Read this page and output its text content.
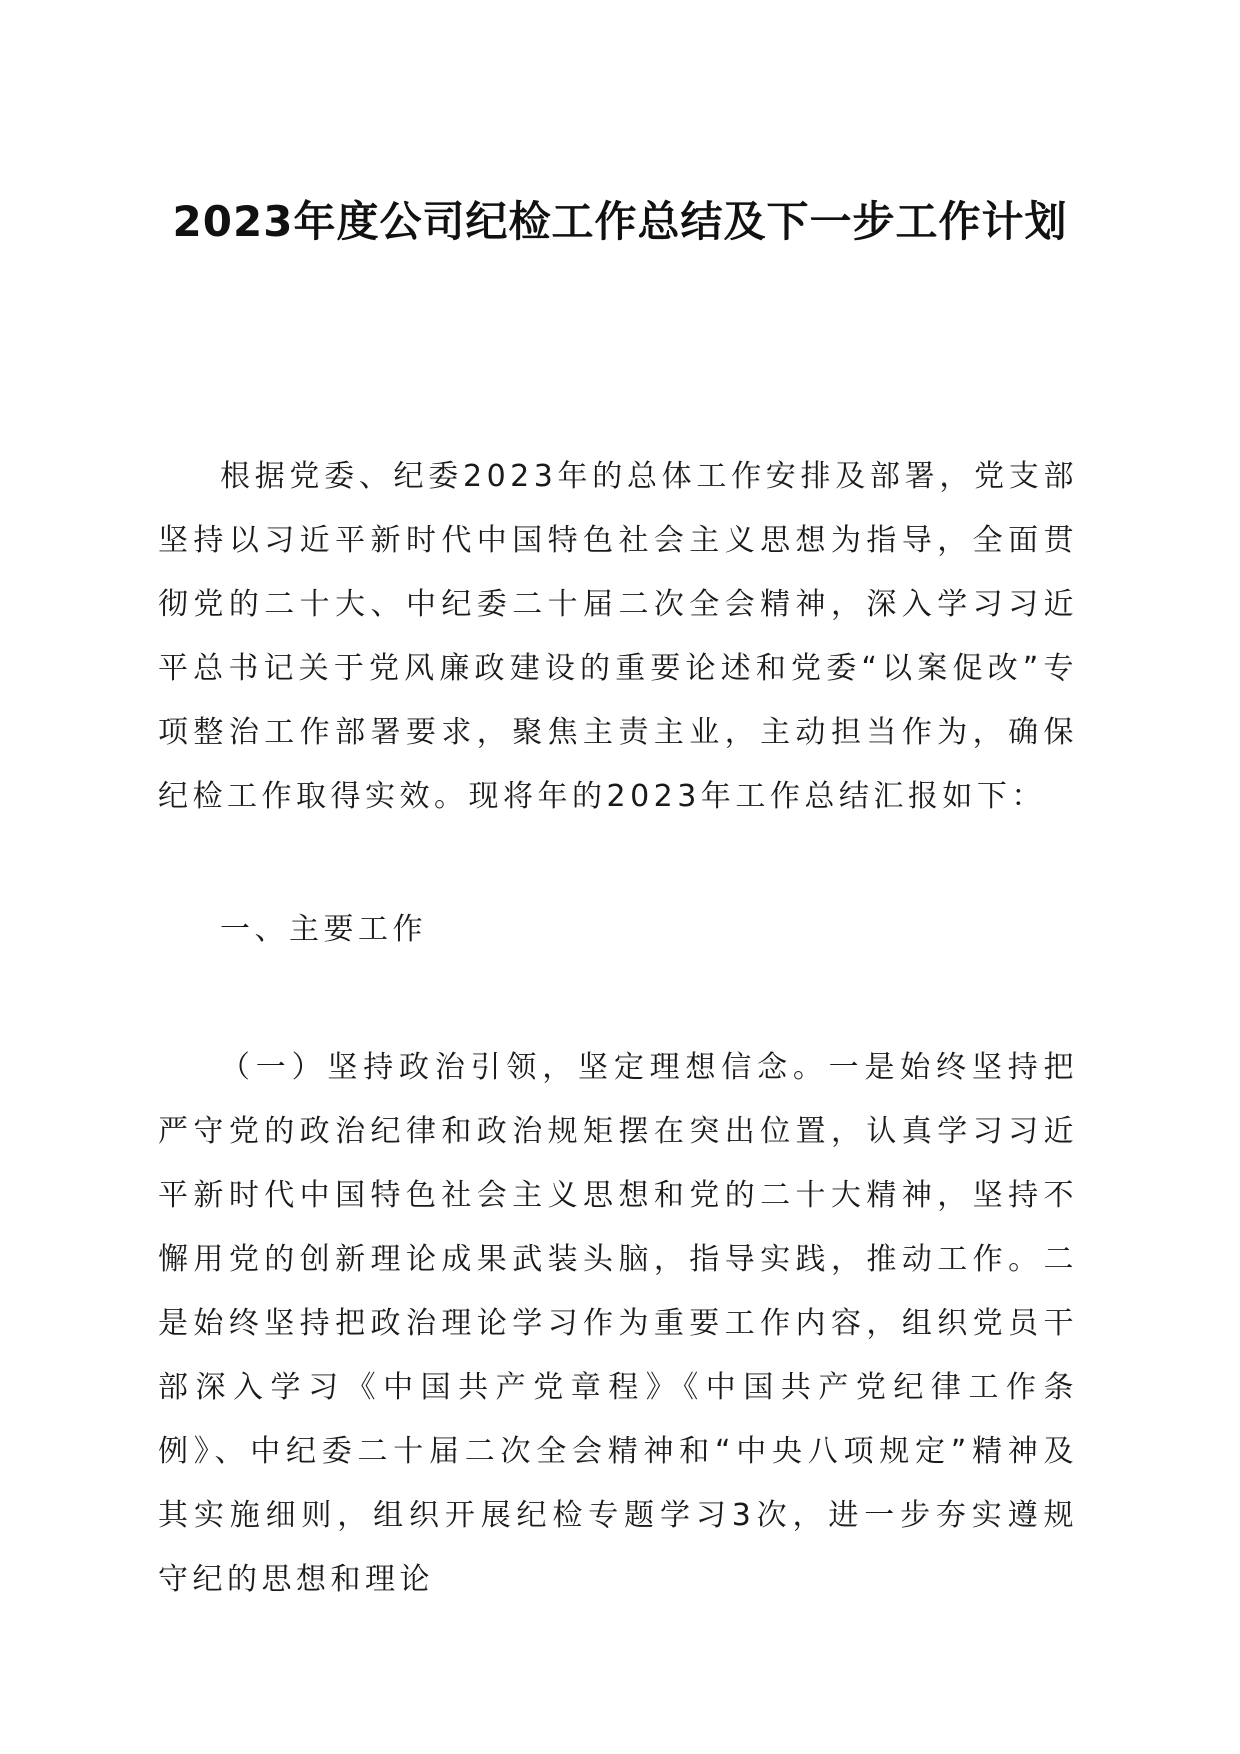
2023年度公司纪检工作总结及下一步工作计划

根据党委、纪委2023年的总体工作安排及部署，党支部坚持以习近平新时代中国特色社会主义思想为指导，全面贯彻党的二十大、中纪委二十届二次全会精神，深入学习习近平总书记关于党风廉政建设的重要论述和党委“以案促改”专项整治工作部署要求，聚焦主责主业，主动担当作为，确保纪检工作取得实效。现将年的2023年工作总结汇报如下：

一、主要工作

（一）坚持政治引领，坚定理想信念。一是始终坚持把严守党的政治纪律和政治规矩摆在突出位置，认真学习习近平新时代中国特色社会主义思想和党的二十大精神，坚持不懈用党的创新理论成果武装头脑，指导实践，推动工作。二是始终坚持把政治理论学习作为重要工作内容，组织党员干部深入学习《中国共产党章程》《中国共产党纪律工作条例》、中纪委二十届二次全会精神和“中央八项规定”精神及其实施细则，组织开展纪检专题学习3次，进一步夯实遵规守纪的思想和理论
